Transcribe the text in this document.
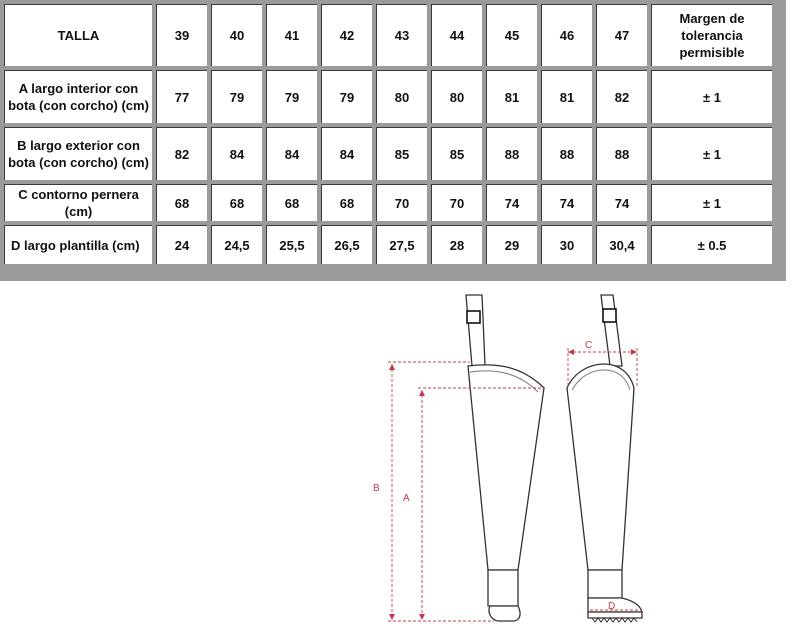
TALLA	39	40	41	42	43	44	45	46	47	Margen de tolerancia permisible
A largo interior con bota (con corcho) (cm)	77	79	79	79	80	80	81	81	82	± 1
B largo exterior con bota (con corcho) (cm)	82	84	84	84	85	85	88	88	88	± 1
C contorno pernera (cm)	68	68	68	68	70	70	74	74	74	± 1
D largo plantilla (cm)	24	24,5	25,5	26,5	27,5	28	29	30	30,4	± 0.5
B
A
C
D
